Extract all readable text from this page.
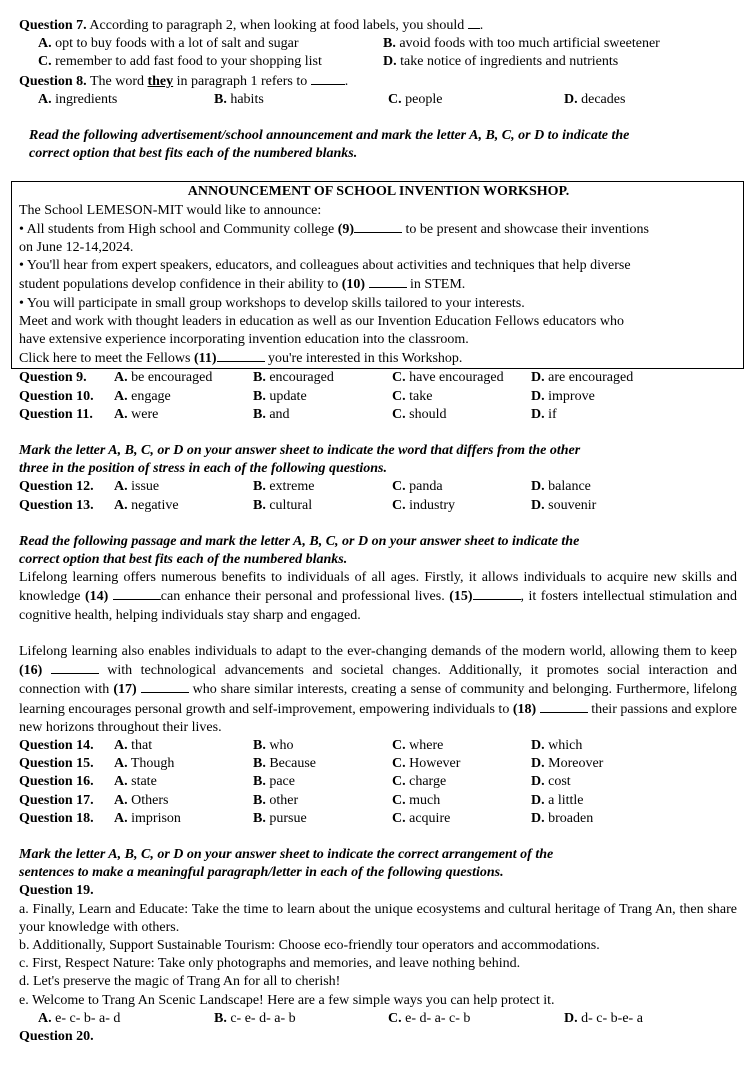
Question 7. According to paragraph 2, when looking at food labels, you should .
A. opt to buy foods with a lot of salt and sugar	B. avoid foods with too much artificial sweetener
C. remember to add fast food to your shopping list	D. take notice of ingredients and nutrients
Question 8. The word they in paragraph 1 refers to	.
A. ingredients	B. habits	C. people	D. decades
Read the following advertisement/school announcement and mark the letter A, B, C, or D to indicate the
correct option that best fits each of the numbered blanks.
ANNOUNCEMENT OF SCHOOL INVENTION WORKSHOP.
The School LEMESON-MIT would like to announce:
• All students from High school and Community college (9)	to be present and showcase their inventions
on June 12-14,2024.
• You'll hear from expert speakers, educators, and colleagues about activities and techniques that help diverse
student populations develop confidence in their ability to (10)	in STEM.
• You will participate in small group workshops to develop skills tailored to your interests.
Meet and work with thought leaders in education as well as our Invention Education Fellows educators who
have extensive experience incorporating invention education into the classroom.
Click here to meet the Fellows (11)	you're interested in this Workshop.
Question 9.	A. be encouraged	B. encouraged	C. have encouraged	D. are encouraged
Question 10.	A. engage	B. update	C. take	D. improve
Question 11.	A. were	B. and	C. should	D. if
Mark the letter A, B, C, or D on your answer sheet to indicate the word that differs from the other
three in the position of stress in each of the following questions.
Question 12.	A. issue	B. extreme	C. panda	D. balance
Question 13.	A. negative	B. cultural	C. industry	D. souvenir
Read the following passage and mark the letter A, B, C, or D on your answer sheet to indicate the
correct option that best fits each of the numbered blanks.
Lifelong learning offers numerous benefits to individuals of all ages. Firstly, it allows individuals to acquire new skills and knowledge (14)	can enhance their personal and professional lives. (15)	, it fosters intellectual stimulation and cognitive health, helping individuals stay sharp and engaged.
Lifelong learning also enables individuals to adapt to the ever-changing demands of the modern world, allowing them to keep (16)	with technological advancements and societal changes. Additionally, it promotes social interaction and connection with (17)	who share similar interests, creating a sense of community and belonging. Furthermore, lifelong learning encourages personal growth and self-improvement, empowering individuals to (18)	their passions and explore new horizons throughout their lives.
Question 14.	A. that	B. who	C. where	D. which
Question 15.	A. Though	B. Because	C. However	D. Moreover
Question 16.	A. state	B. pace	C. charge	D. cost
Question 17.	A. Others	B. other	C. much	D. a little
Question 18.	A. imprison	B. pursue	C. acquire	D. broaden
Mark the letter A, B, C, or D on your answer sheet to indicate the correct arrangement of the
sentences to make a meaningful paragraph/letter in each of the following questions.
Question 19.
a. Finally, Learn and Educate: Take the time to learn about the unique ecosystems and cultural heritage of Trang An, then share your knowledge with others.
b. Additionally, Support Sustainable Tourism: Choose eco-friendly tour operators and accommodations.
c. First, Respect Nature: Take only photographs and memories, and leave nothing behind.
d. Let's preserve the magic of Trang An for all to cherish!
e. Welcome to Trang An Scenic Landscape! Here are a few simple ways you can help protect it.
A. e- c- b- a- d	B. c- e- d- a- b	C. e- d- a- c- b	D. d- c- b-e- a
Question 20.
